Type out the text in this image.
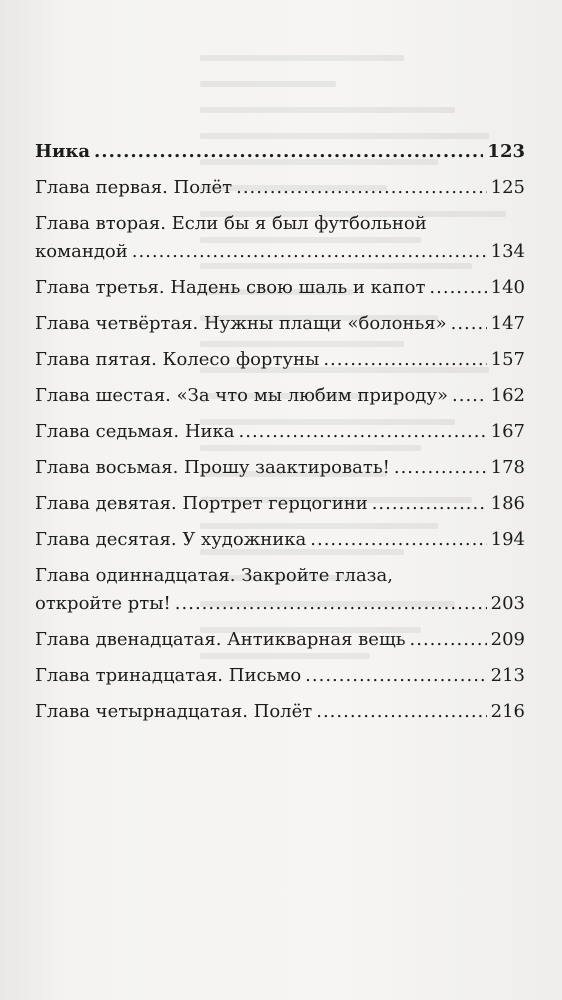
Ника .....	123
Глава первая. Полёт .....	125
Глава вторая. Если бы я был футбольной
командой .....	134
Глава третья. Надень свою шаль и капот .....	140
Глава четвёртая. Нужны плащи «болонья» ..... 147
Глава пятая. Колесо фортуны .....	157
Глава шестая. «За что мы любим природу» ..... 162
Глава седьмая. Ника .....	167
Глава восьмая. Прошу заактировать! .....	178
Глава девятая. Портрет герцогини .....	186
Глава десятая. У художника .....	194
Глава одиннадцатая. Закройте глаза,
откройте рты! .....	203
Глава двенадцатая. Антикварная вещь .....	209
Глава тринадцатая. Письмо .....	213
Глава четырнадцатая. Полёт .....	216
